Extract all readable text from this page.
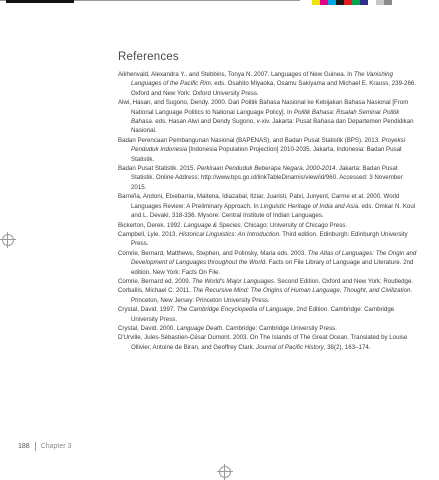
References

Aikhenvald, Alexandra Y., and Stebbins, Tonya N. 2007. Languages of New Guinea. In The Vanishing Languages of the Pacific Rim. eds. Osahito Miyaoka, Osamu Sakiyama and Michael E. Krauss, 239-266. Oxford and New York: Oxford University Press.

Alwi, Hasan, and Sugono, Dendy. 2000. Dari Politik Bahasa Nasional ke Kebijakan Bahasa Nasional [From National Language Politics to National Language Policy]. In Politik Bahasa: Risalah Seminar Politik Bahasa. eds. Hasan Alwi and Dendy Sugono, v-xiv. Jakarta: Pusat Bahasa dan Departemen Pendidikan Nasional.

Badan Perencaan Pembangunan Nasional (BAPENAS), and Badan Pusat Statistik (BPS). 2013. Proyeksi Penduduk Indonesia [Indonesia Population Projection] 2010-2035. Jakarta, Indonesia: Badan Pusat Statistik.

Badan Pusat Statistik. 2015. Perkiraan Penduduk Beberapa Negara, 2000-2014. Jakarta: Badan Pusat Statistik. Online Address: http://www.bps.go.id/linkTableDinamis/view/id/960. Accessed: 3 November 2015.

Barreña, Andoni, Etxebarria, Maitena, Idiazabal, Itziar, Juaristi, Patxi, Junyent, Carme et al. 2000. World Languages Review: A Preliminary Approach. In Linguistic Heritage of India and Asia. eds. Omkar N. Koul and L. Devaki, 318-336. Mysore: Central Institute of Indian Languages.

Bickerton, Derek. 1992. Language & Species. Chicago: University of Chicago Press.

Campbell, Lyle. 2013. Historical Linguistics: An Introduction. Third edition. Edinburgh: Edinburgh University Press.

Comrie, Bernard, Matthews, Stephen, and Polinsky, Maria eds. 2003. The Atlas of Languages: The Origin and Development of Languages throughout the World. Facts on File Library of Language and Literature. 2nd edition. New York: Facts On File.

Comrie, Bernard ed. 2009. The World's Major Languages. Second Edition. Oxford and New York: Routledge.

Corballis, Michael C. 2011. The Recursive Mind: The Origins of Human Language, Thought, and Civilization. Princeton, New Jersey: Princeton University Press.

Crystal, David. 1997. The Cambridge Encyclopedia of Language, 2nd Edition. Cambridge: Cambridge University Press.

Crystal, David. 2000. Language Death. Cambridge: Cambridge University Press.

D'Urville, Jules-Sébastien-César Dumont. 2003. On The Islands of The Great Ocean. Translated by Louise Ollivier, Antoine de Biran, and Geoffrey Clark. Journal of Pacific History, 38(2), 163–174.

188 Chapter 3
